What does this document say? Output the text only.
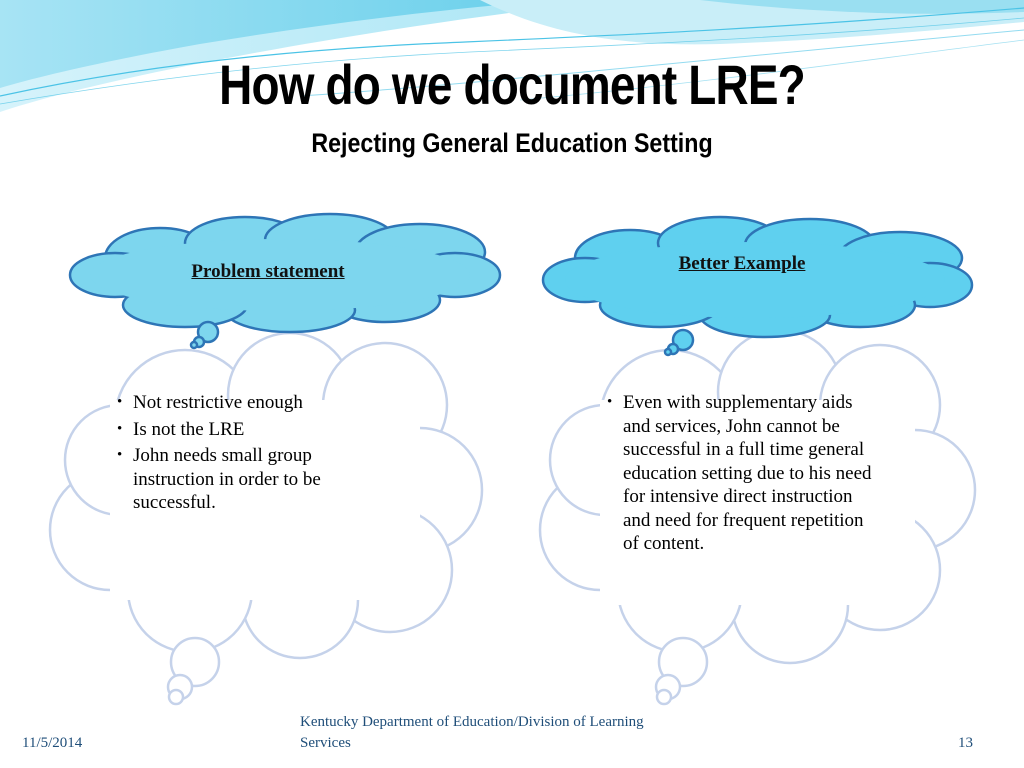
How do we document LRE?
Rejecting General Education Setting
Problem statement	Better Example
• Not restrictive enough
• Is not the LRE
• John needs small group instruction in order to be successful.
• Even with supplementary aids and services, John cannot be successful in a full time general education setting due to his need for intensive direct instruction and need for frequent repetition of content.
11/5/2014
Kentucky Department of Education/Division of Learning Services	13
